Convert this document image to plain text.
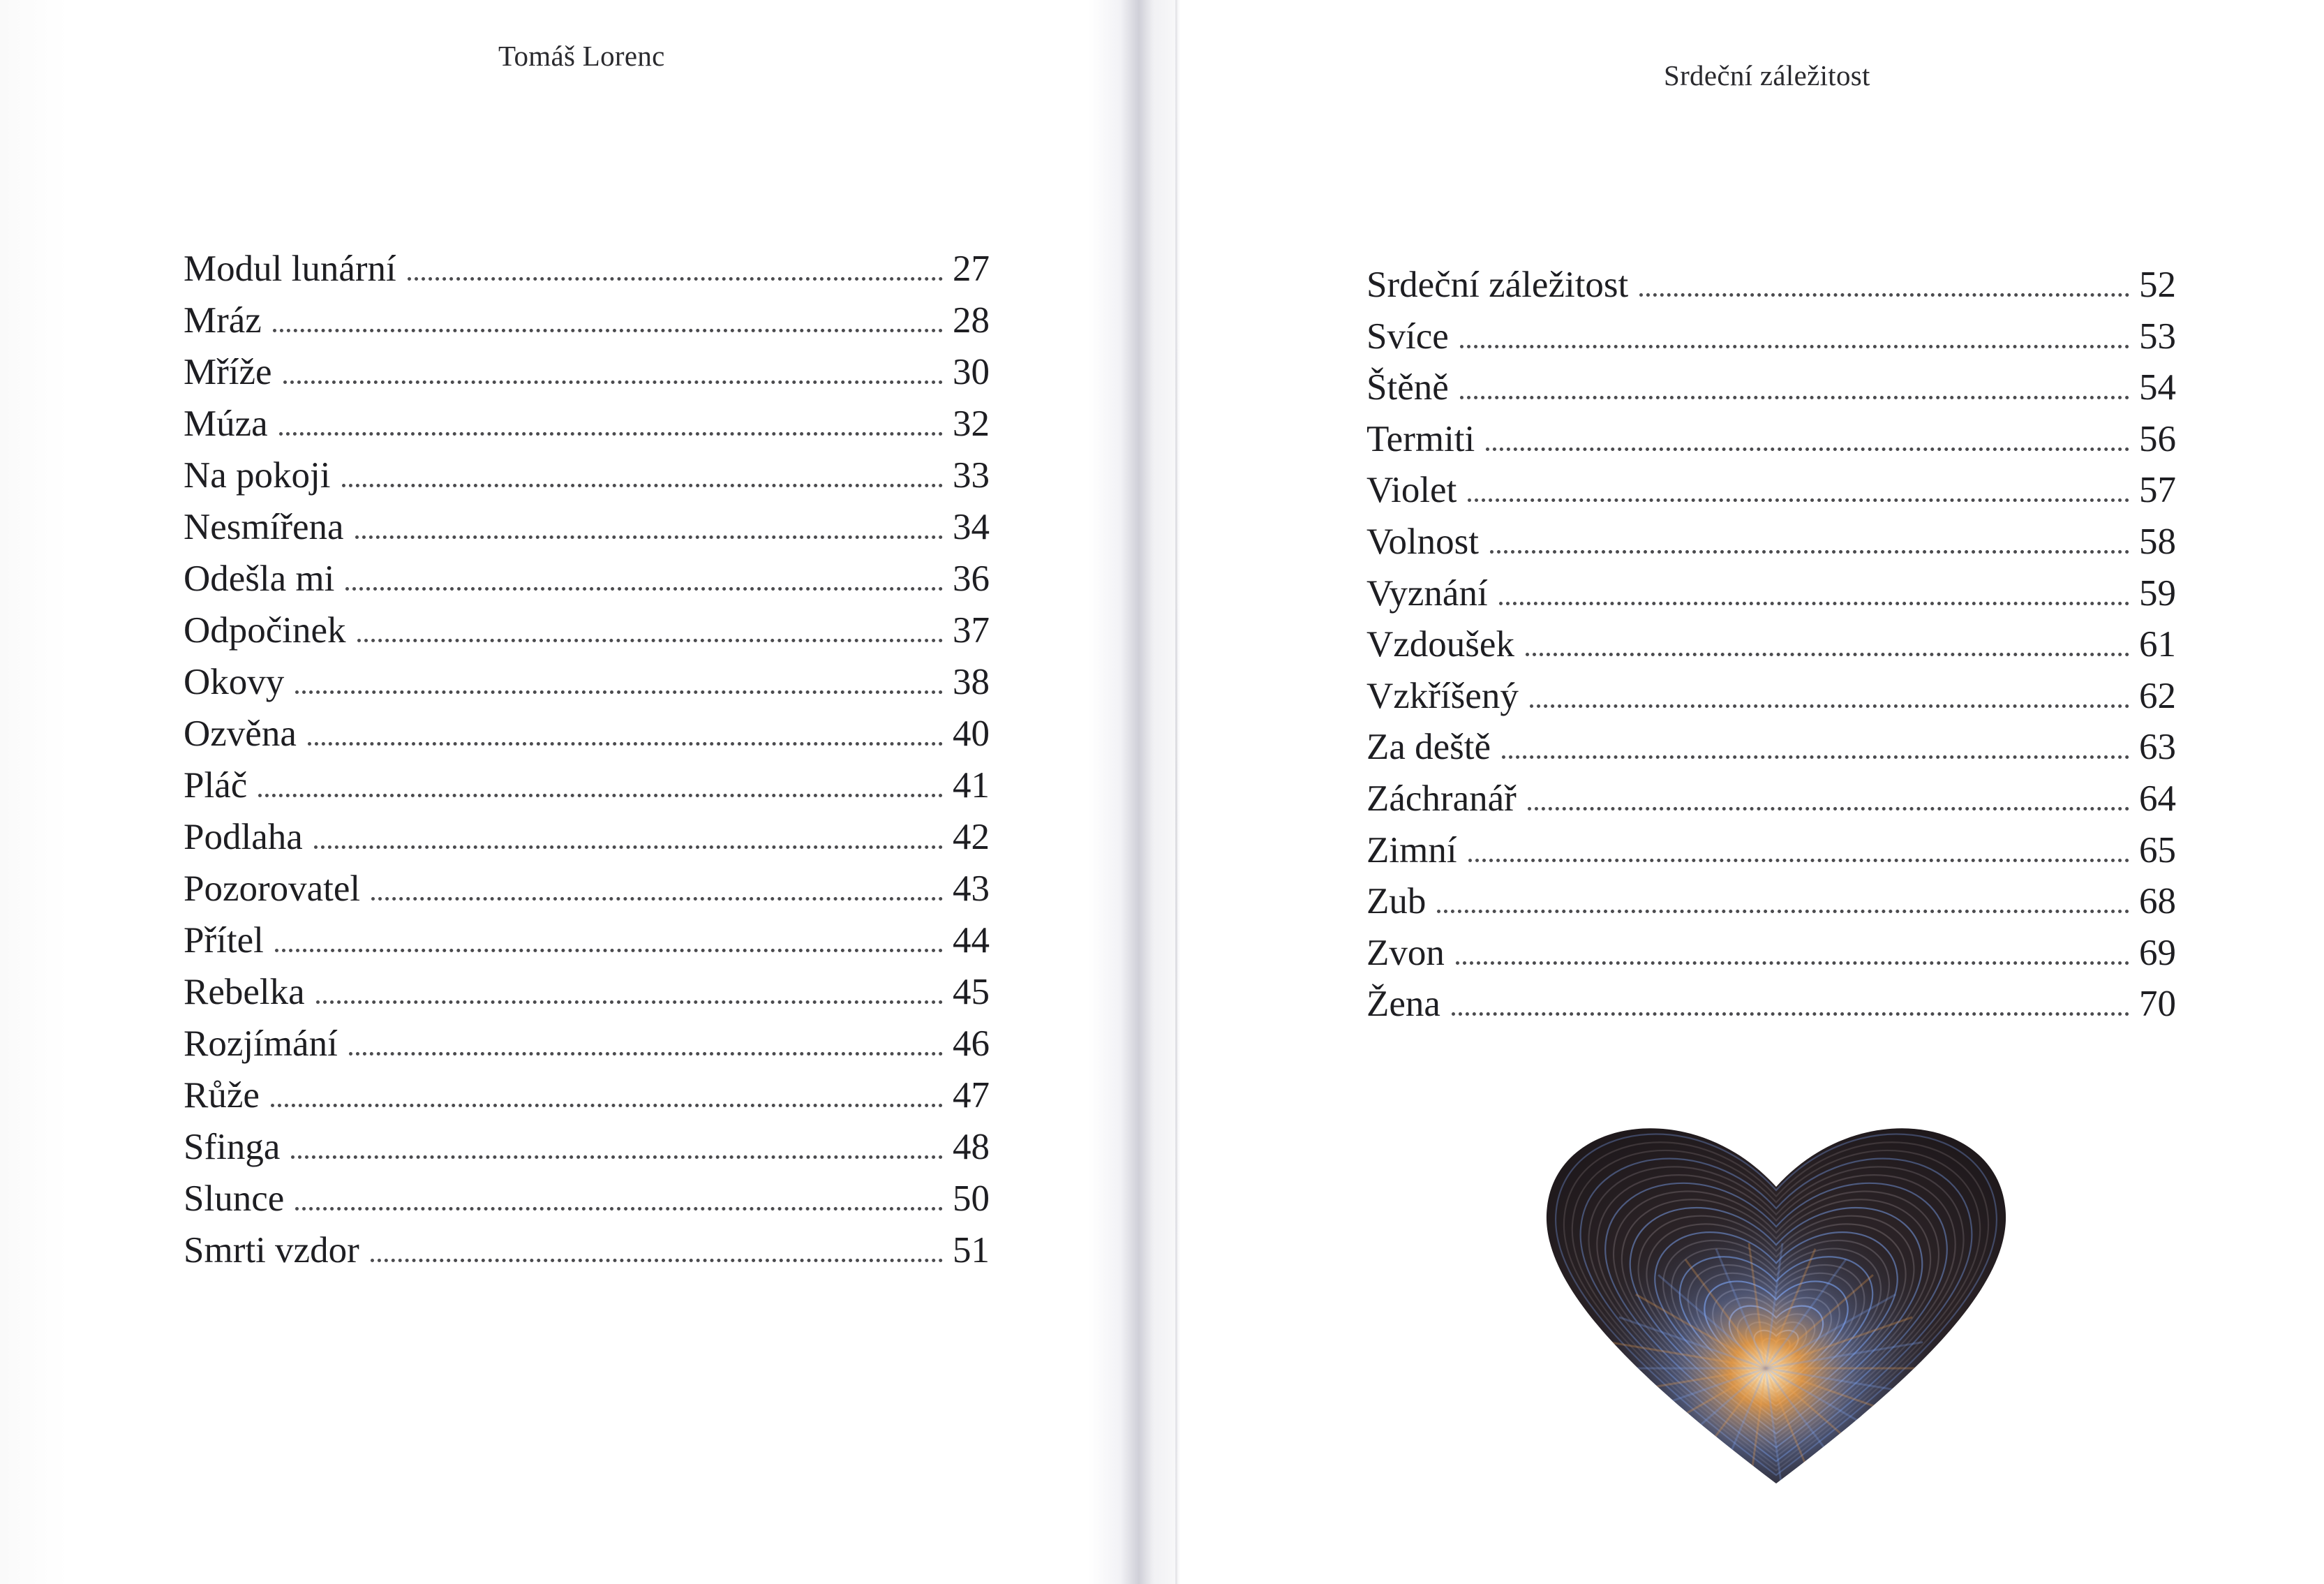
Tomáš Lorenc
Modul lunární	27
Mráz	28
Mříže	30
Múza	32
Na pokoji	33
Nesmířena	34
Odešla mi	36
Odpočinek	37
Okovy	38
Ozvěna	40
Pláč	41
Podlaha	42
Pozorovatel	43
Přítel	44
Rebelka	45
Rozjímání	46
Růže	47
Sfinga	48
Slunce	50
Smrti vzdor	51
Srdeční záležitost
Srdeční záležitost	52
Svíce	53
Štěně	54
Termiti	56
Violet	57
Volnost	58
Vyznání	59
Vzdoušek	61
Vzkříšený	62
Za deště	63
Záchranář	64
Zimní	65
Zub	68
Zvon	69
Žena	70
